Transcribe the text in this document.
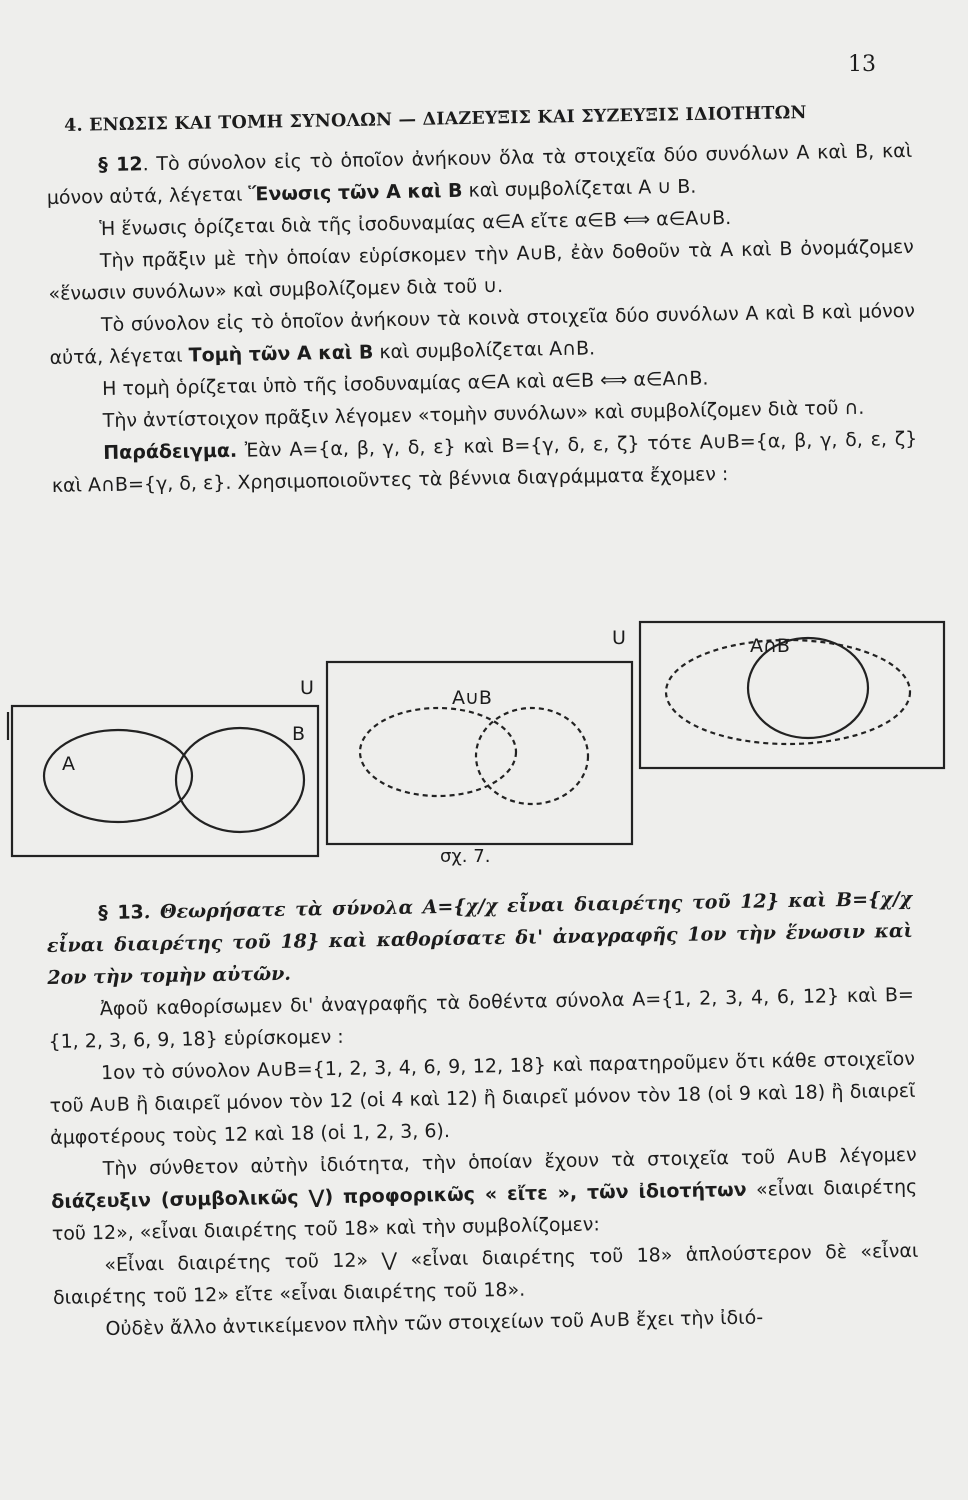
13
4. ΕΝΩΣΙΣ ΚΑΙ ΤΟΜΗ ΣΥΝΟΛΩΝ — ΔΙΑΖΕΥΞΙΣ ΚΑΙ ΣΥΖΕΥΞΙΣ ΙΔΙΟΤΗΤΩΝ

§ 12. Τὸ σύνολον εἰς τὸ ὁποῖον ἀνήκουν ὅλα τὰ στοιχεῖα δύο συνόλων Α καὶ Β, καὶ μόνον αὐτά, λέγεται Ἕνωσις τῶν Α καὶ Β καὶ συμβολίζεται Α ∪ Β.

Ἡ ἕνωσις ὁρίζεται διὰ τῆς ἰσοδυναμίας α∈Α εἴτε α∈Β ⟺ α∈Α∪Β.

Τὴν πρᾶξιν μὲ τὴν ὁποίαν εὑρίσκομεν τὴν Α∪Β, ἐὰν δοθοῦν τὰ Α καὶ Β ὀνομάζομεν «ἕνωσιν συνόλων» καὶ συμβολίζομεν διὰ τοῦ ∪.

Τὸ σύνολον εἰς τὸ ὁποῖον ἀνήκουν τὰ κοινὰ στοιχεῖα δύο συνόλων Α καὶ Β καὶ μόνον αὐτά, λέγεται Τομὴ τῶν Α καὶ Β καὶ συμβολίζεται Α∩Β.

Η τομὴ ὁρίζεται ὑπὸ τῆς ἰσοδυναμίας α∈Α καὶ α∈Β ⟺ α∈Α∩Β.

Τὴν ἀντίστοιχον πρᾶξιν λέγομεν «τομὴν συνόλων» καὶ συμβολίζομεν διὰ τοῦ ∩.

Παράδειγμα. Ἐὰν Α={α, β, γ, δ, ε} καὶ Β={γ, δ, ε, ζ} τότε Α∪Β={α, β, γ, δ, ε, ζ} καὶ Α∩Β={γ, δ, ε}. Χρησιμοποιοῦντες τὰ βέννια διαγράμματα ἔχομεν :

U
A
B
U
A∪B
A∩B
σχ. 7.

§ 13. Θεωρήσατε τὰ σύνολα Α={χ/χ εἶναι διαιρέτης τοῦ 12} καὶ Β={χ/χ εἶναι διαιρέτης τοῦ 18} καὶ καθορίσατε δι' ἀναγραφῆς 1ον τὴν ἕνωσιν καὶ 2ον τὴν τομὴν αὐτῶν.

Ἀφοῦ καθορίσωμεν δι' ἀναγραφῆς τὰ δοθέντα σύνολα Α={1, 2, 3, 4, 6, 12} καὶ Β={1, 2, 3, 6, 9, 18} εὑρίσκομεν :

1ον τὸ σύνολον Α∪Β={1, 2, 3, 4, 6, 9, 12, 18} καὶ παρατηροῦμεν ὅτι κάθε στοιχεῖον τοῦ Α∪Β ἢ διαιρεῖ μόνον τὸν 12 (οἱ 4 καὶ 12) ἢ διαιρεῖ μόνον τὸν 18 (οἱ 9 καὶ 18) ἢ διαιρεῖ ἀμφοτέρους τοὺς 12 καὶ 18 (οἱ 1, 2, 3, 6).

Τὴν σύνθετον αὐτὴν ἰδιότητα, τὴν ὁποίαν ἔχουν τὰ στοιχεῖα τοῦ Α∪Β λέγομεν διάζευξιν (συμβολικῶς ⋁) προφορικῶς « εἴτε », τῶν ἰδιοτήτων «εἶναι διαιρέτης τοῦ 12», «εἶναι διαιρέτης τοῦ 18» καὶ τὴν συμβολίζομεν:

«Εἶναι διαιρέτης τοῦ 12» ⋁ «εἶναι διαιρέτης τοῦ 18» ἁπλούστερον δὲ «εἶναι διαιρέτης τοῦ 12» εἴτε «εἶναι διαιρέτης τοῦ 18».

Οὐδὲν ἄλλο ἀντικείμενον πλὴν τῶν στοιχείων τοῦ Α∪Β ἔχει τὴν ἰδιό-
